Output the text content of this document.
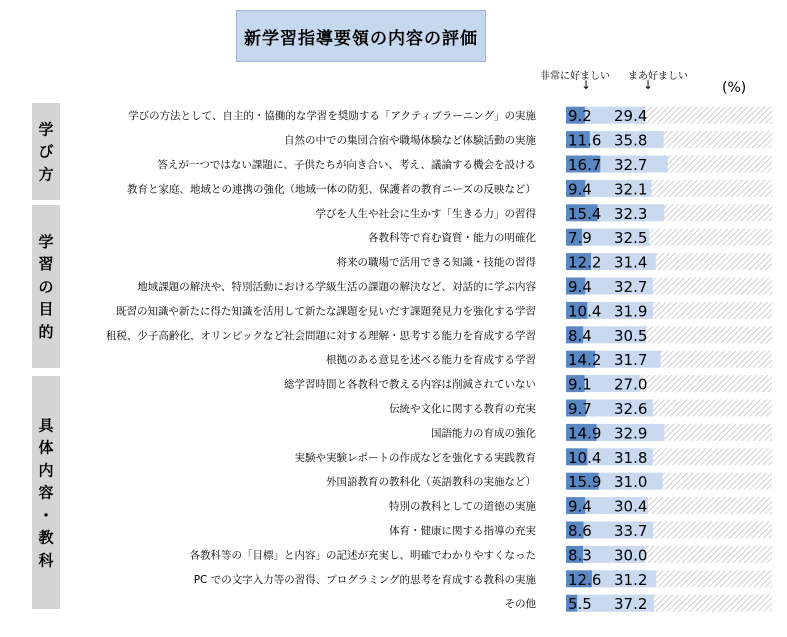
新学習指導要領の内容の評価
非常に好ましい まあ好ましい
↓	↓	(%)
学
び
方
学
習
の
目
的
具
体
内
容
・
教
科
学びの方法として、自主的・協働的な学習を奨励する「アクティブラーニング」の実施 9.2 29.4
自然の中での集団合宿や職場体験など体験活動の実施 11.6 35.8
答えが一つではない課題に、子供たちが向き合い、考え、議論する機会を設ける 16.7 32.7
教育と家庭、地域との連携の強化（地域一体の防犯、保護者の教育ニーズの反映など） 9.4 32.1
学びを人生や社会に生かす「生きる力」の習得 15.4 32.3
各教科等で育む資質・能力の明確化 7.9 32.5
将来の職場で活用できる知識・技能の習得 12.2 31.4
地域課題の解決や、特別活動における学級生活の課題の解決など、対話的に学ぶ内容 9.4 32.7
既習の知識や新たに得た知識を活用して新たな課題を見いだす課題発見力を強化する学習 10.4 31.9
租税、少子高齢化、オリンピックなど社会問題に対する理解・思考する能力を育成する学習 8.4 30.5
根拠のある意見を述べる能力を育成する学習 14.2 31.7
総学習時間と各教科で教える内容は削減されていない 9.1 27.0
伝統や文化に関する教育の充実 9.7 32.6
国語能力の育成の強化 14.9 32.9
実験や実験レポートの作成などを強化する実践教育 10.4 31.8
外国語教育の教科化（英語教科の実施など） 15.9 31.0
特別の教科としての道徳の実施 9.4 30.4
体育・健康に関する指導の充実 8.6 33.7
各教科等の「目標」と内容」の記述が充実し、明確でわかりやすくなった 8.3 30.0
PC での文字入力等の習得、プログラミング的思考を育成する教科の実施 12.6 31.2
その他 5.5 37.2
